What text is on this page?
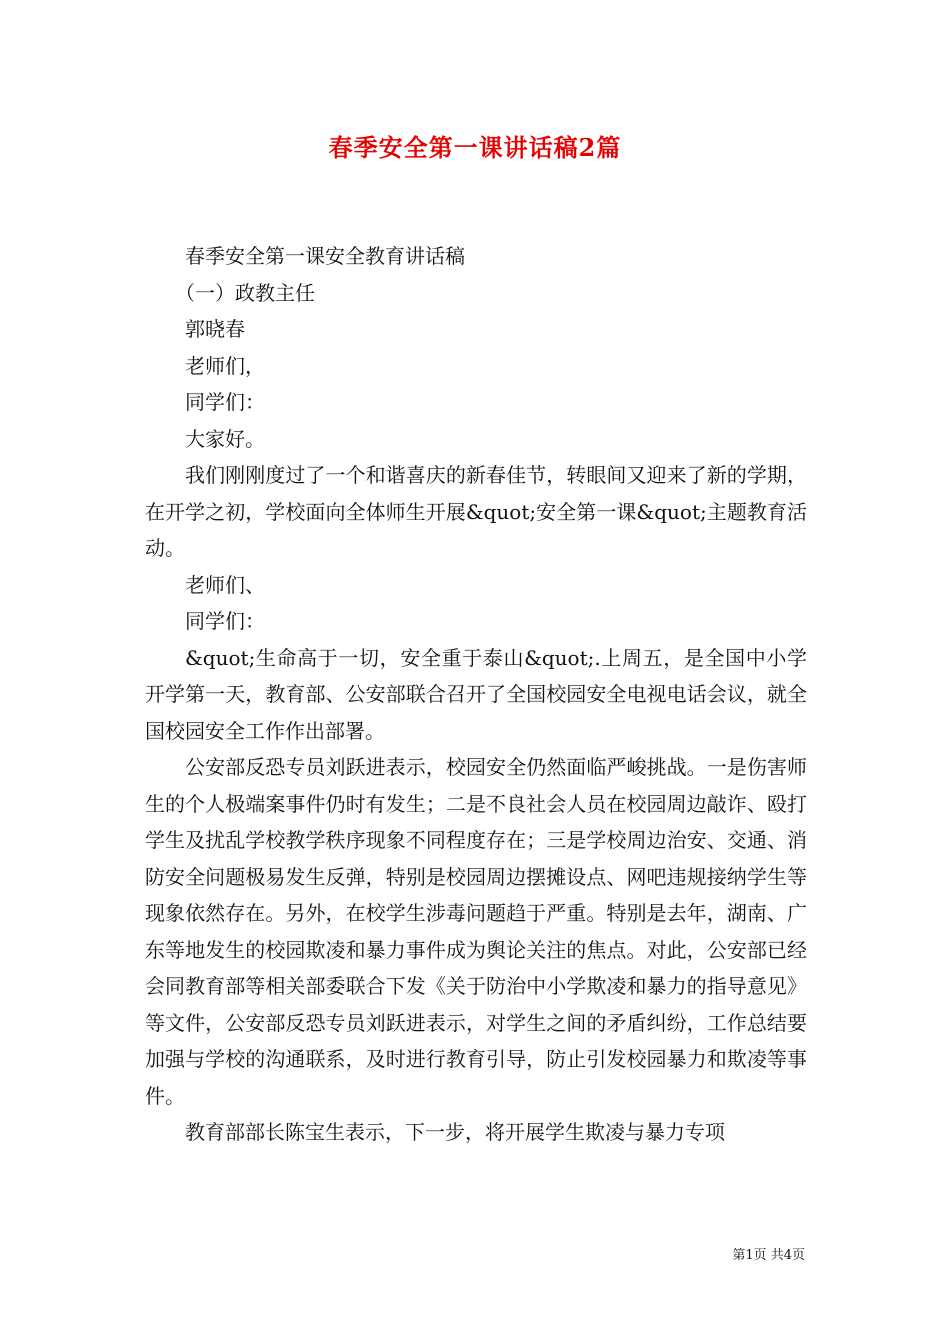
春季安全第一课讲话稿2篇

春季安全第一课安全教育讲话稿

（一）政教主任

郭晓春

老师们，

同学们：

大家好。

我们刚刚度过了一个和谐喜庆的新春佳节，转眼间又迎来了新的学期，在开学之初，学校面向全体师生开展&quot;安全第一课&quot;主题教育活动。

老师们、

同学们：

&quot;生命高于一切，安全重于泰山&quot;.上周五，是全国中小学开学第一天，教育部、公安部联合召开了全国校园安全电视电话会议，就全国校园安全工作作出部署。

公安部反恐专员刘跃进表示，校园安全仍然面临严峻挑战。一是伤害师生的个人极端案事件仍时有发生；二是不良社会人员在校园周边敲诈、殴打学生及扰乱学校教学秩序现象不同程度存在；三是学校周边治安、交通、消防安全问题极易发生反弹，特别是校园周边摆摊设点、网吧违规接纳学生等现象依然存在。另外，在校学生涉毒问题趋于严重。特别是去年，湖南、广东等地发生的校园欺凌和暴力事件成为舆论关注的焦点。对此，公安部已经会同教育部等相关部委联合下发《关于防治中小学欺凌和暴力的指导意见》等文件，公安部反恐专员刘跃进表示，对学生之间的矛盾纠纷，工作总结要加强与学校的沟通联系，及时进行教育引导，防止引发校园暴力和欺凌等事件。

教育部部长陈宝生表示，下一步，将开展学生欺凌与暴力专项

第1页 共4页
